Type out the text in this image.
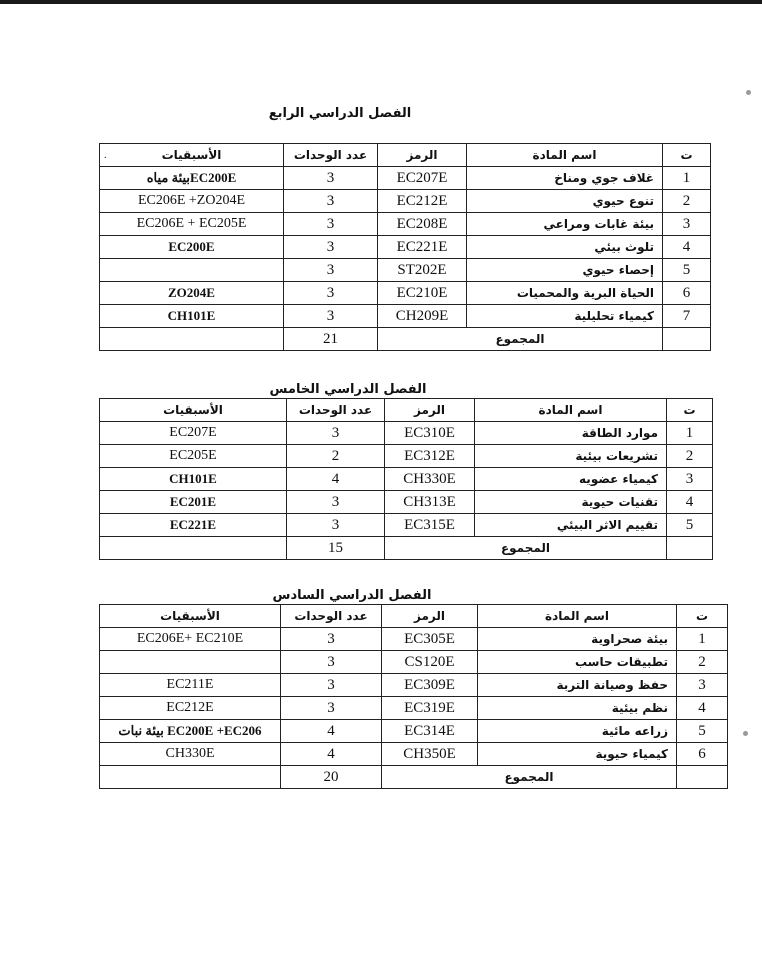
الفصل الدراسي الرابع
.	ت	اسم المادة	الرمز	عدد الوحدات	الأسبقيات
1	غلاف جوي ومناخ	EC207E	3	EC200Eبيئة مياه
2	تنوع حيوي	EC212E	3	EC206E +ZO204E
3	بيئة غابات ومراعي	EC208E	3	EC206E + EC205E
4	تلوث بيئي	EC221E	3	EC200E
5	إحصاء حيوي	ST202E	3	
6	الحياة البرية والمحميات	EC210E	3	ZO204E
7	كيمياء تحليلية	CH209E	3	CH101E
	المجموع		21	
الفصل الدراسي الخامس
ت	اسم المادة	الرمز	عدد الوحدات	الأسبقيات
1	موارد الطاقة	EC310E	3	EC207E
2	تشريعات بيئية	EC312E	2	EC205E
3	كيمياء عضويه	CH330E	4	CH101E
4	تقنيات حيوية	CH313E	3	EC201E
5	تقييم الاثر البيئي	EC315E	3	EC221E
	المجموع		15	
الفصل الدراسي السادس
ت	اسم المادة	الرمز	عدد الوحدات	الأسبقيات
1	بيئة صحراوية	EC305E	3	EC206E+ EC210E
2	تطبيقات حاسب	CS120E	3	
3	حفظ وصيانة التربة	EC309E	3	EC211E
4	نظم بيئية	EC319E	3	EC212E
5	زراعه مائية	EC314E	4	EC200E +EC206 بيئة نبات
6	كيمياء حيوية	CH350E	4	CH330E
	المجموع		20	
